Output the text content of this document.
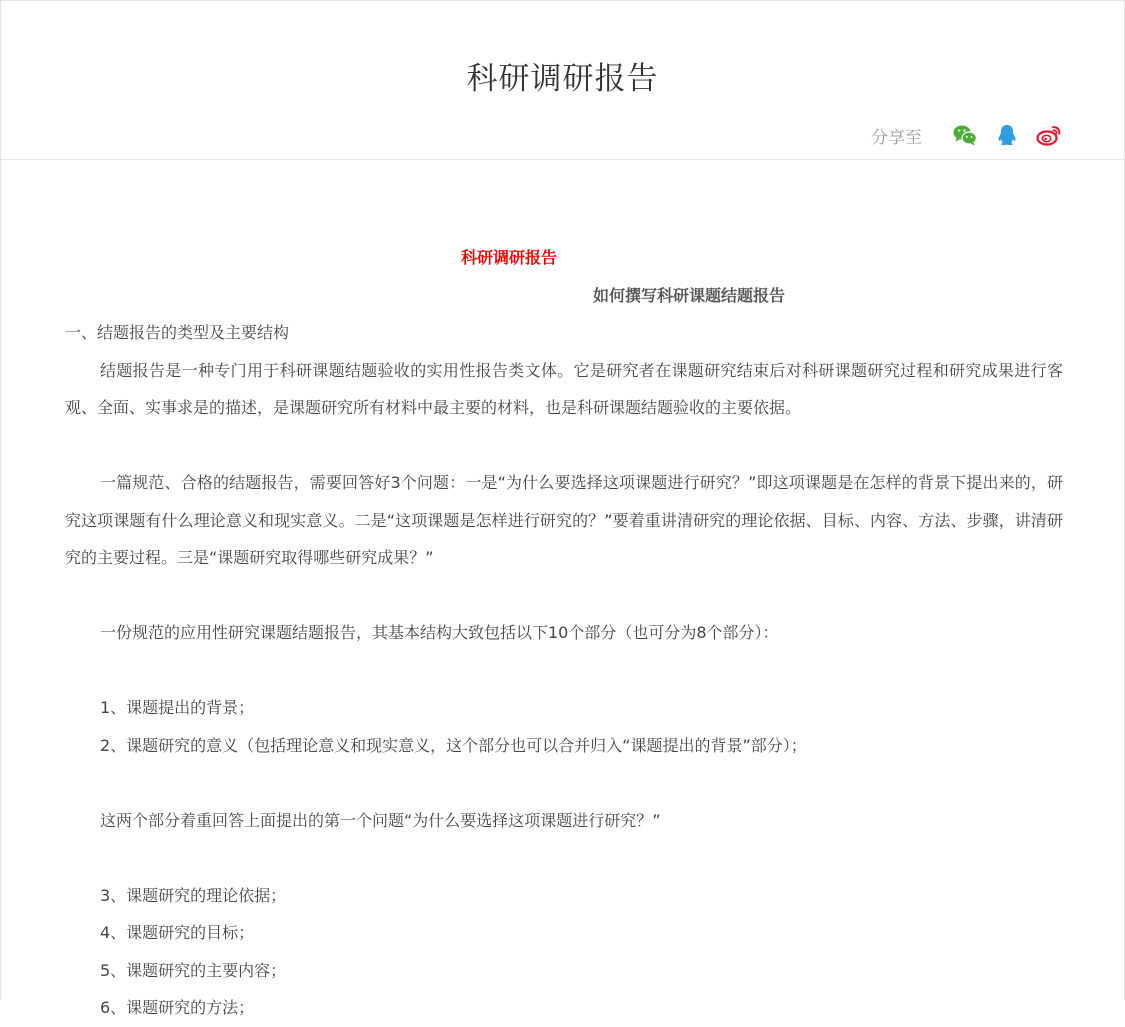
科研调研报告
分享至
科研调研报告
如何撰写科研课题结题报告
一、结题报告的类型及主要结构
结题报告是一种专门用于科研课题结题验收的实用性报告类文体。它是研究者在课题研究结束后对科研课题研究过程和研究成果进行客观、全面、实事求是的描述，是课题研究所有材料中最主要的材料，也是科研课题结题验收的主要依据。
一篇规范、合格的结题报告，需要回答好3个问题：一是“为什么要选择这项课题进行研究？”即这项课题是在怎样的背景下提出来的，研究这项课题有什么理论意义和现实意义。二是“这项课题是怎样进行研究的？”要着重讲清研究的理论依据、目标、内容、方法、步骤，讲清研究的主要过程。三是“课题研究取得哪些研究成果？”
一份规范的应用性研究课题结题报告，其基本结构大致包括以下10个部分（也可分为8个部分）：
1、课题提出的背景；
2、课题研究的意义（包括理论意义和现实意义，这个部分也可以合并归入“课题提出的背景”部分）；
这两个部分着重回答上面提出的第一个问题“为什么要选择这项课题进行研究？”
3、课题研究的理论依据；
4、课题研究的目标；
5、课题研究的主要内容；
6、课题研究的方法；
